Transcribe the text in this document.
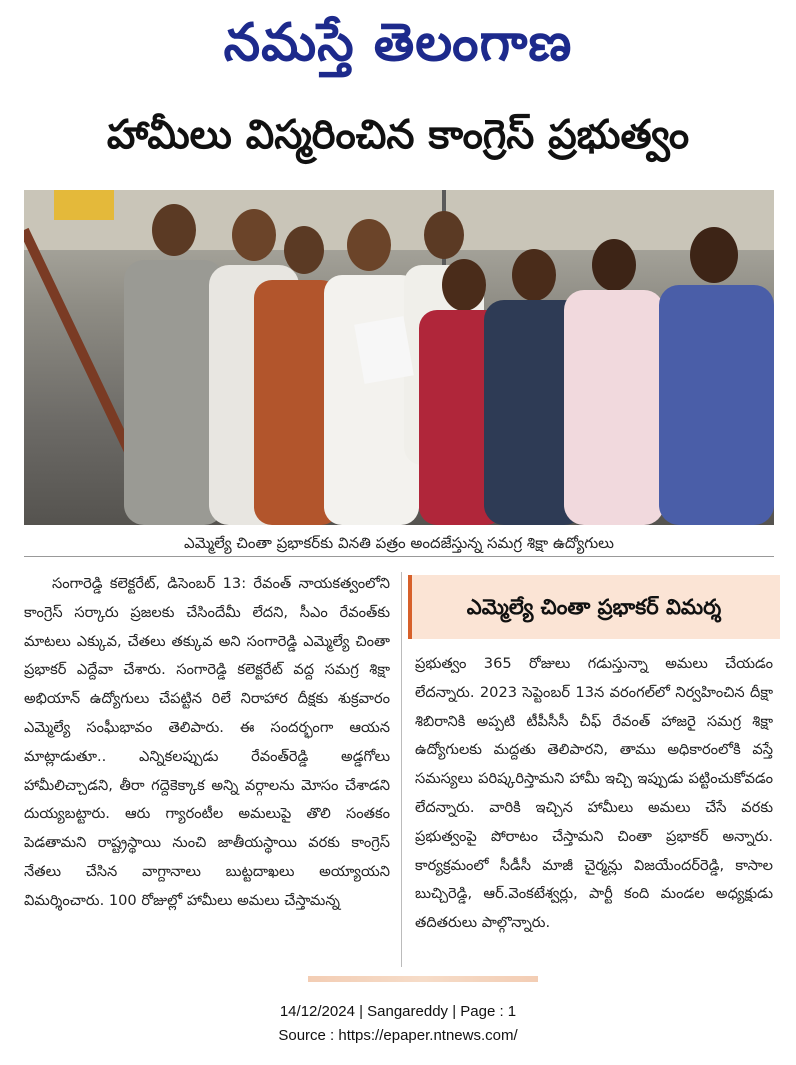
నమస్తే తెలంగాణ
హామీలు విస్మరించిన కాంగ్రెస్ ప్రభుత్వం
ఎమ్మెల్యే చింతా ప్రభాకర్‌కు వినతి పత్రం అందజేస్తున్న సమగ్ర శిక్షా ఉద్యోగులు
సంగారెడ్డి కలెక్టరేట్, డిసెంబర్ 13: రేవంత్ నాయకత్వంలోని కాంగ్రెస్ సర్కారు ప్రజలకు చేసిందేమీ లేదని, సీఎం రేవంత్‌కు మాటలు ఎక్కువ, చేతలు తక్కువ అని సంగారెడ్డి ఎమ్మెల్యే చింతా ప్రభాకర్ ఎద్దేవా చేశారు. సంగారెడ్డి కలెక్టరేట్ వద్ద సమగ్ర శిక్షా అభియాన్ ఉద్యోగులు చేపట్టిన రిలే నిరాహార దీక్షకు శుక్రవారం ఎమ్మెల్యే సంఘీభావం తెలిపారు. ఈ సందర్భంగా ఆయన మాట్లాడుతూ.. ఎన్నికలప్పుడు రేవంత్‌రెడ్డి అడ్డగోలు హామీలిచ్చాడని, తీరా గద్దెకెక్కాక అన్ని వర్గాలను మోసం చేశాడని దుయ్యబట్టారు. ఆరు గ్యారంటీల అమలుపై తొలి సంతకం పెడతామని రాష్ట్రస్థాయి నుంచి జాతీయస్థాయి వరకు కాంగ్రెస్ నేతలు చేసిన వాగ్దానాలు బుట్టదాఖలు అయ్యాయని విమర్శించారు. 100 రోజుల్లో హామీలు అమలు చేస్తామన్న
ఎమ్మెల్యే చింతా ప్రభాకర్ విమర్శ
ప్రభుత్వం 365 రోజులు గడుస్తున్నా అమలు చేయడం లేదన్నారు. 2023 సెప్టెంబర్ 13న వరంగల్‌లో నిర్వహించిన దీక్షా శిబిరానికి అప్పటి టీపీసీసీ చీఫ్ రేవంత్ హాజరై సమగ్ర శిక్షా ఉద్యోగులకు మద్దతు తెలిపారని, తాము అధికారంలోకి వస్తే సమస్యలు పరిష్కరిస్తామని హామీ ఇచ్చి ఇప్పుడు పట్టించుకోవడం లేదన్నారు. వారికి ఇచ్చిన హామీలు అమలు చేసే వరకు ప్రభుత్వంపై పోరాటం చేస్తామని చింతా ప్రభాకర్ అన్నారు. కార్యక్రమంలో సీడీసీ మాజీ చైర్మన్లు విజయేందర్‌రెడ్డి, కాసాల బుచ్చిరెడ్డి, ఆర్.వెంకటేశ్వర్లు, పార్టీ కంది మండల అధ్యక్షుడు తదితరులు పాల్గొన్నారు.
14/12/2024 | Sangareddy | Page : 1
Source : https://epaper.ntnews.com/
